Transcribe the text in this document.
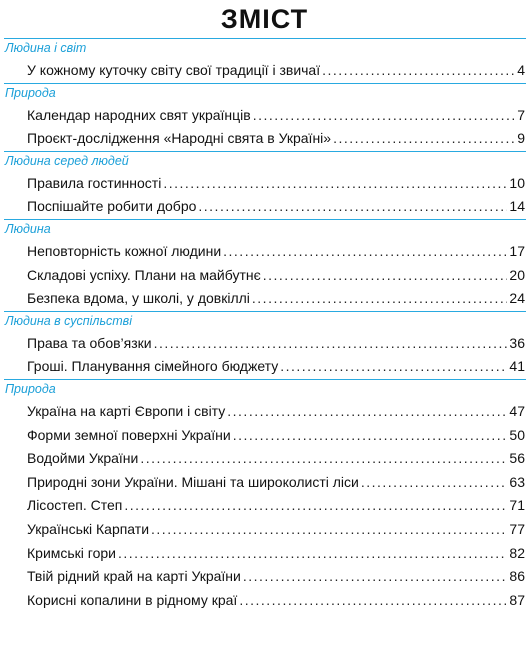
ЗМІСТ
Людина і світ
У кожному куточку світу свої традиції і звичаї .....	4
Природа
Календар народних свят українців .....	7
Проєкт-дослідження «Народні свята в Україні» .....	9
Людина серед людей
Правила гостинності .....	10
Поспішайте робити добро .....	14
Людина
Неповторність кожної людини .....	17
Складові успіху. Плани на майбутнє .....	20
Безпека вдома, у школі, у довкіллі .....	24
Людина в суспільстві
Права та обов’язки .....	36
Гроші. Планування сімейного бюджету .....	41
Природа
Україна на карті Європи і світу .....	47
Форми земної поверхні України .....	50
Водойми України .....	56
Природні зони України. Мішані та широколисті ліси .....	63
Лісостеп. Степ .....	71
Українські Карпати .....	77
Кримські гори .....	82
Твій рідний край на карті України .....	86
Корисні копалини в рідному краї .....	87
